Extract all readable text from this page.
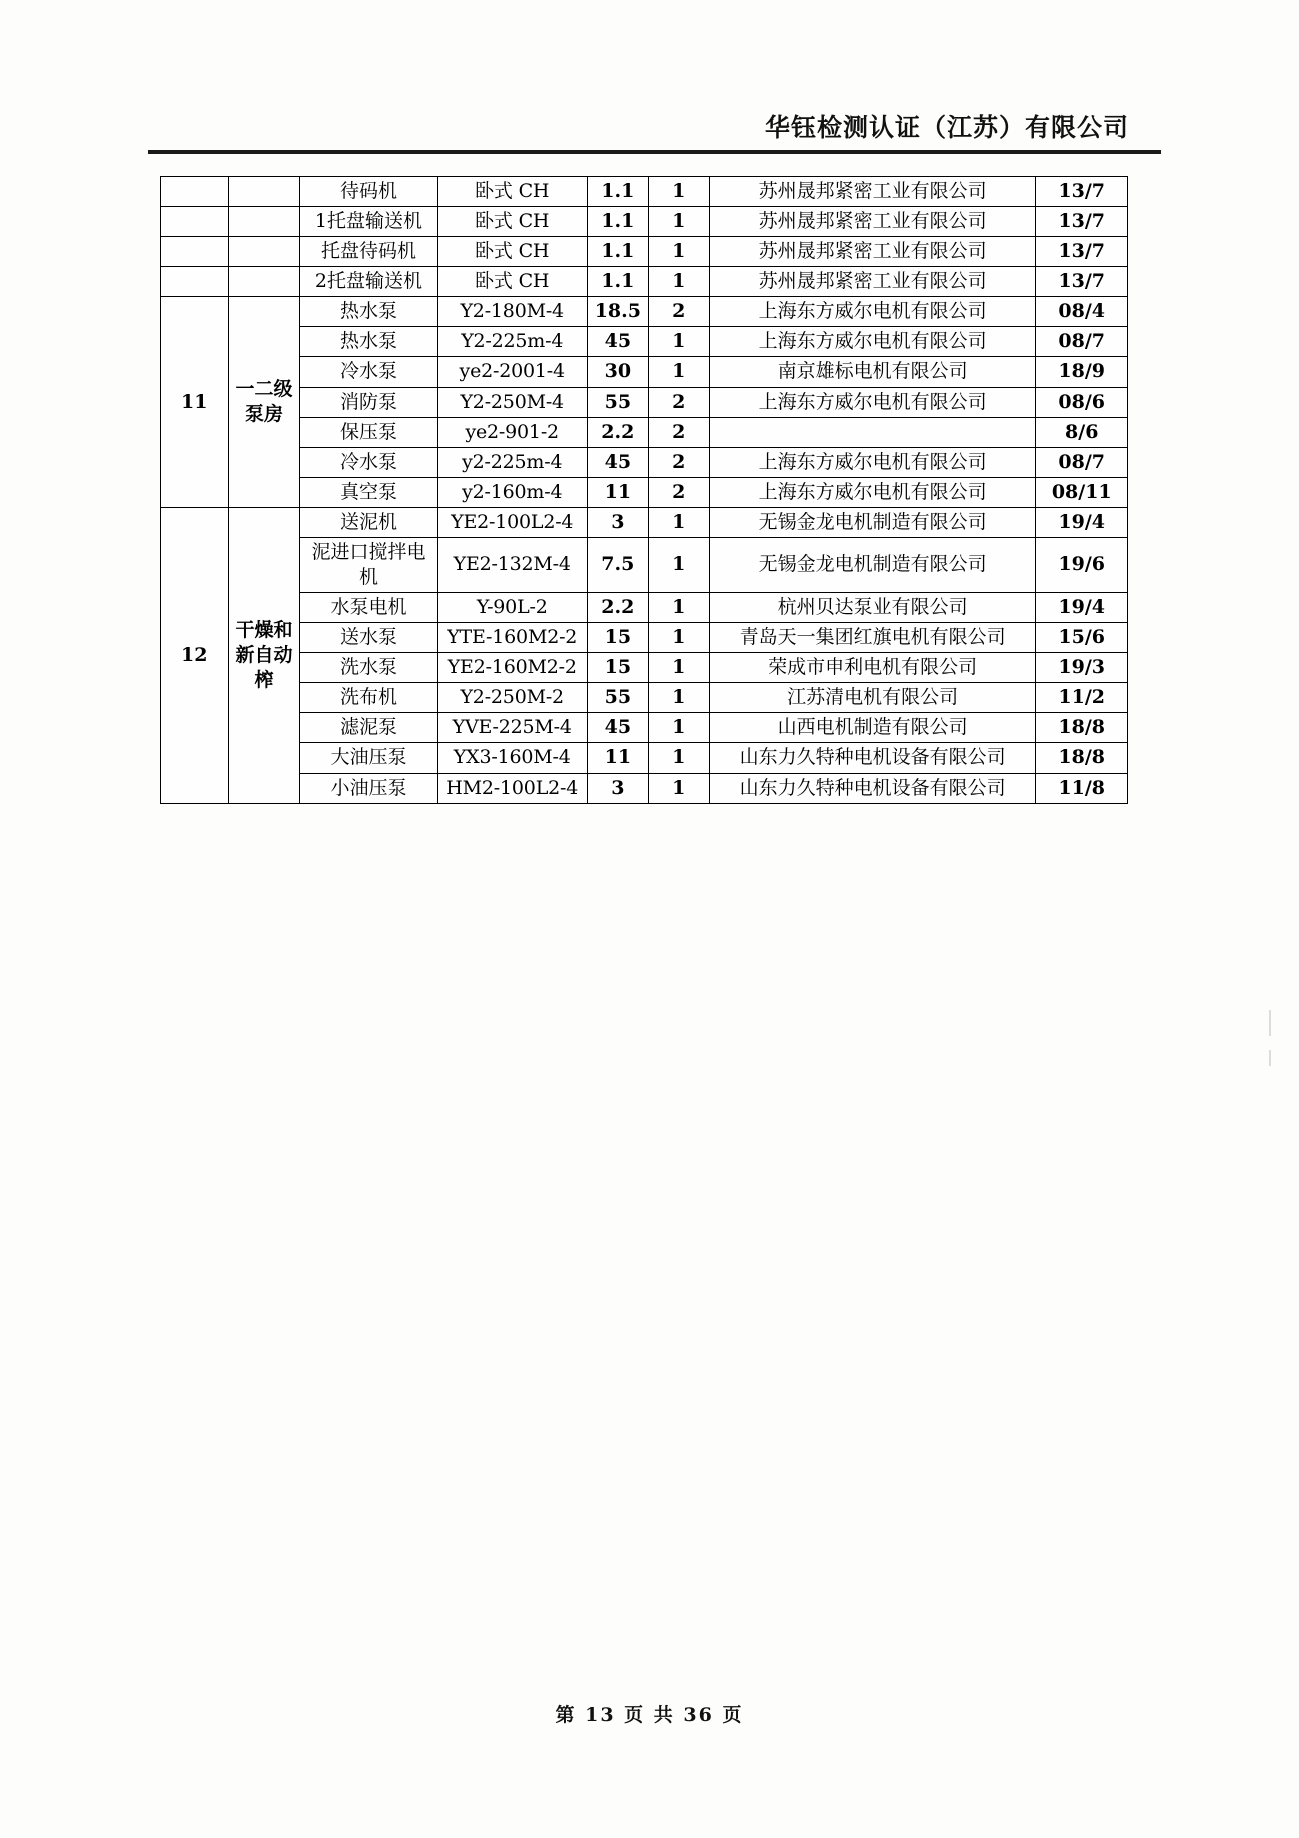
华钰检测认证（江苏）有限公司
		待码机	卧式 CH	1.1	1	苏州晟邦紧密工业有限公司	13/7
		1托盘输送机	卧式 CH	1.1	1	苏州晟邦紧密工业有限公司	13/7
		托盘待码机	卧式 CH	1.1	1	苏州晟邦紧密工业有限公司	13/7
		2托盘输送机	卧式 CH	1.1	1	苏州晟邦紧密工业有限公司	13/7
11	一二级泵房	热水泵	Y2-180M-4	18.5	2	上海东方威尔电机有限公司	08/4
		热水泵	Y2-225m-4	45	1	上海东方威尔电机有限公司	08/7
		冷水泵	ye2-2001-4	30	1	南京雄标电机有限公司	18/9
		消防泵	Y2-250M-4	55	2	上海东方威尔电机有限公司	08/6
		保压泵	ye2-901-2	2.2	2		8/6
		冷水泵	y2-225m-4	45	2	上海东方威尔电机有限公司	08/7
		真空泵	y2-160m-4	11	2	上海东方威尔电机有限公司	08/11
12	干燥和新自动榨	送泥机	YE2-100L2-4	3	1	无锡金龙电机制造有限公司	19/4
		泥进口搅拌电机	YE2-132M-4	7.5	1	无锡金龙电机制造有限公司	19/6
		水泵电机	Y-90L-2	2.2	1	杭州贝达泵业有限公司	19/4
		送水泵	YTE-160M2-2	15	1	青岛天一集团红旗电机有限公司	15/6
		洗水泵	YE2-160M2-2	15	1	荣成市申利电机有限公司	19/3
		洗布机	Y2-250M-2	55	1	江苏清电机有限公司	11/2
		滤泥泵	YVE-225M-4	45	1	山西电机制造有限公司	18/8
		大油压泵	YX3-160M-4	11	1	山东力久特种电机设备有限公司	18/8
		小油压泵	HM2-100L2-4	3	1	山东力久特种电机设备有限公司	11/8
第 13 页 共 36 页
